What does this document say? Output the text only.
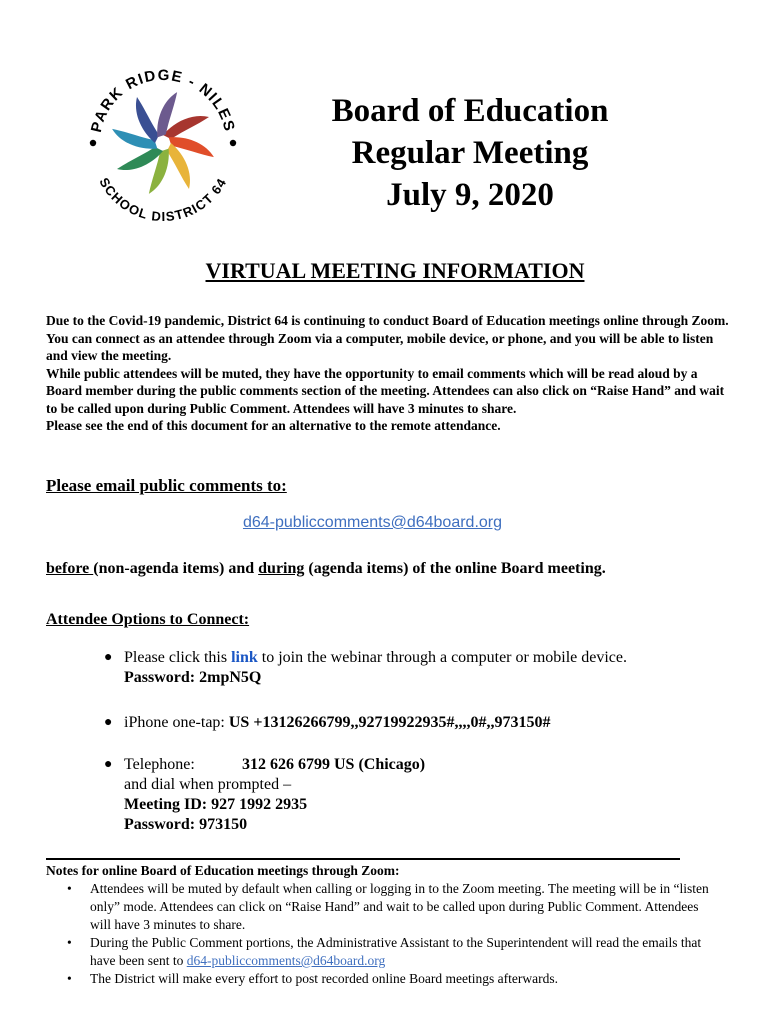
PARK RIDGE - NILES
SCHOOL DISTRICT 64
Board of Education
Regular Meeting
July 9, 2020
VIRTUAL MEETING INFORMATION

Due to the Covid-19 pandemic, District 64 is continuing to conduct Board of Education meetings online through Zoom. You can connect as an attendee through Zoom via a computer, mobile device, or phone, and you will be able to listen and view the meeting.

While public attendees will be muted, they have the opportunity to email comments which will be read aloud by a Board member during the public comments section of the meeting. Attendees can also click on “Raise Hand” and wait to be called upon during Public Comment. Attendees will have 3 minutes to share.

Please see the end of this document for an alternative to the remote attendance.

Please email public comments to:
d64-publiccomments@d64board.org
before (non-agenda items) and during (agenda items) of the online Board meeting.
Attendee Options to Connect:
● Please click this link to join the webinar through a computer or mobile device.
Password: 2mpN5Q
● iPhone one-tap: US +13126266799,,92719922935#,,,,0#,,973150#
● Telephone:	312 626 6799 US (Chicago)
and dial when prompted –
Meeting ID: 927 1992 2935
Password: 973150
Notes for online Board of Education meetings through Zoom:

• Attendees will be muted by default when calling or logging in to the Zoom meeting. The meeting will be in “listen only” mode. Attendees can click on “Raise Hand” and wait to be called upon during Public Comment. Attendees will have 3 minutes to share.

• During the Public Comment portions, the Administrative Assistant to the Superintendent will read the emails that have been sent to d64-publiccomments@d64board.org

• The District will make every effort to post recorded online Board meetings afterwards.
